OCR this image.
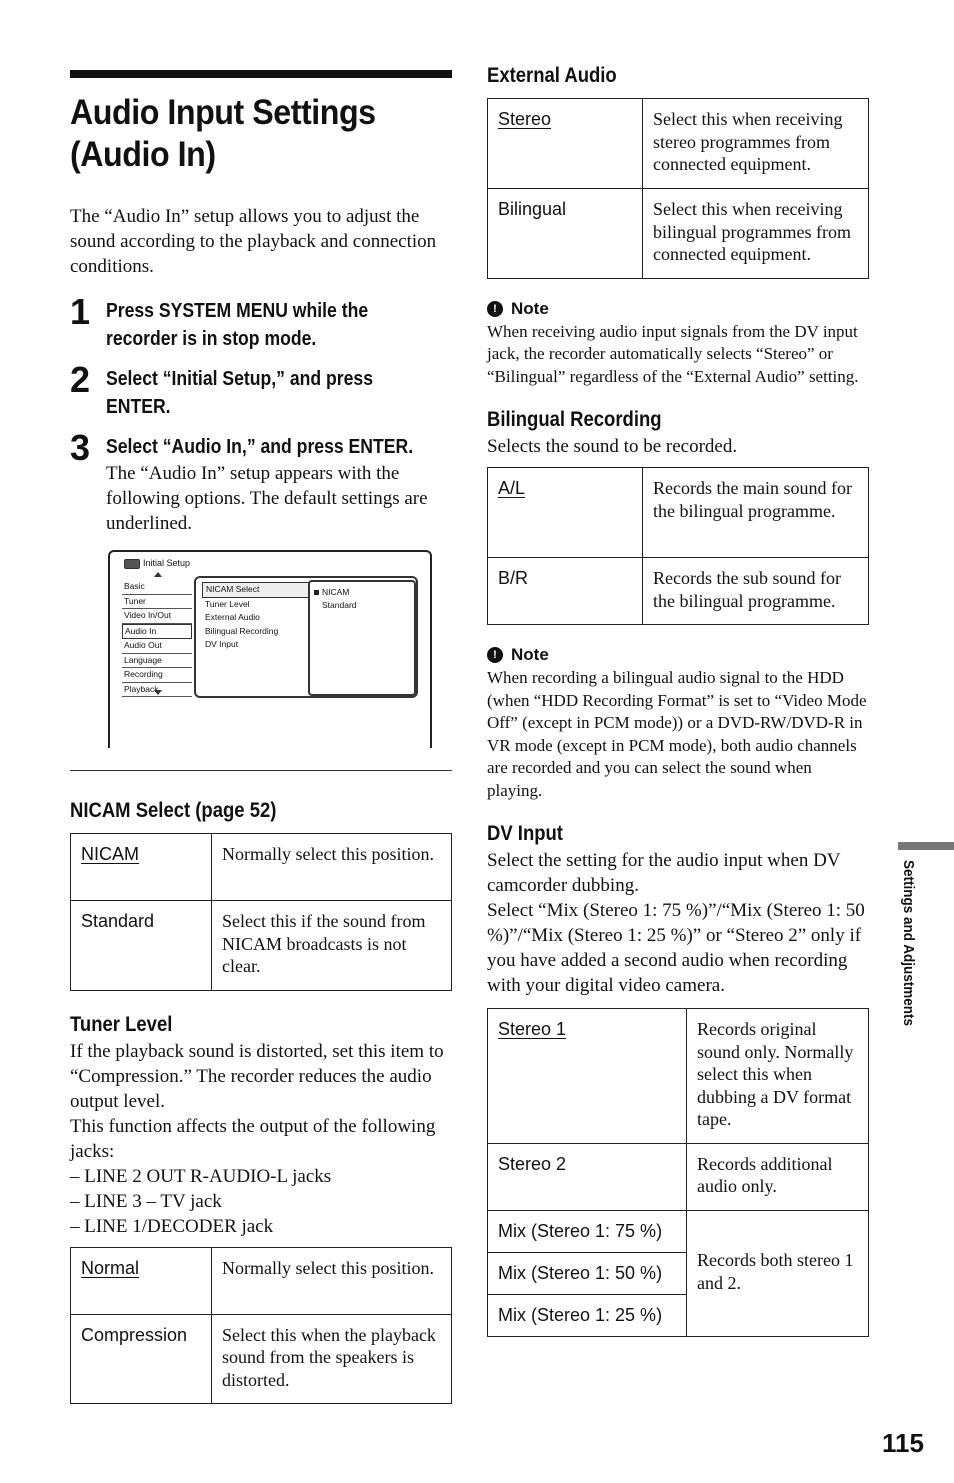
Audio Input Settings (Audio In)

The “Audio In” setup allows you to adjust the sound according to the playback and connection conditions.

1 Press SYSTEM MENU while the
recorder is in stop mode.
2 Select “Initial Setup,” and press
ENTER.
3 Select “Audio In,” and press ENTER.
The “Audio In” setup appears with the following options. The default settings are underlined.
Initial Setup
Basic
Tuner
Video In/Out
Audio In
Audio Out
Language
Recording
Playback
NICAM Select
Tuner Level
External Audio
Bilingual Recording
DV Input
NICAM
Standard
NICAM Select (page 52)
NICAM	Normally select this position.
Standard	Select this if the sound from NICAM broadcasts is not clear.
Tuner Level

If the playback sound is distorted, set this item to “Compression.” The recorder reduces the audio output level.

This function affects the output of the following jacks:

– LINE 2 OUT R-AUDIO-L jacks

– LINE 3 – TV jack

– LINE 1/DECODER jack

Normal	Normally select this position.
Compression	Select this when the playback sound from the speakers is distorted.
External Audio
Stereo	Select this when receiving stereo programmes from connected equipment.
Bilingual	Select this when receiving bilingual programmes from connected equipment.
! Note
When receiving audio input signals from the DV input jack, the recorder automatically selects “Stereo” or “Bilingual” regardless of the “External Audio” setting.
Bilingual Recording

Selects the sound to be recorded.

A/L	Records the main sound for the bilingual programme.
B/R	Records the sub sound for the bilingual programme.
! Note
When recording a bilingual audio signal to the HDD (when “HDD Recording Format” is set to “Video Mode Off” (except in PCM mode)) or a DVD-RW/DVD-R in VR mode (except in PCM mode), both audio channels are recorded and you can select the sound when playing.
DV Input

Select the setting for the audio input when DV camcorder dubbing.

Select “Mix (Stereo 1: 75 %)”/“Mix (Stereo 1: 50 %)”/“Mix (Stereo 1: 25 %)” or “Stereo 2” only if you have added a second audio when recording with your digital video camera.

Stereo 1	Records original sound only. Normally select this when dubbing a DV format tape.
Stereo 2	Records additional audio only.
Mix (Stereo 1: 75 %)	Records both stereo 1 and 2.
Mix (Stereo 1: 50 %)	
Mix (Stereo 1: 25 %)	
Settings and Adjustments
115
